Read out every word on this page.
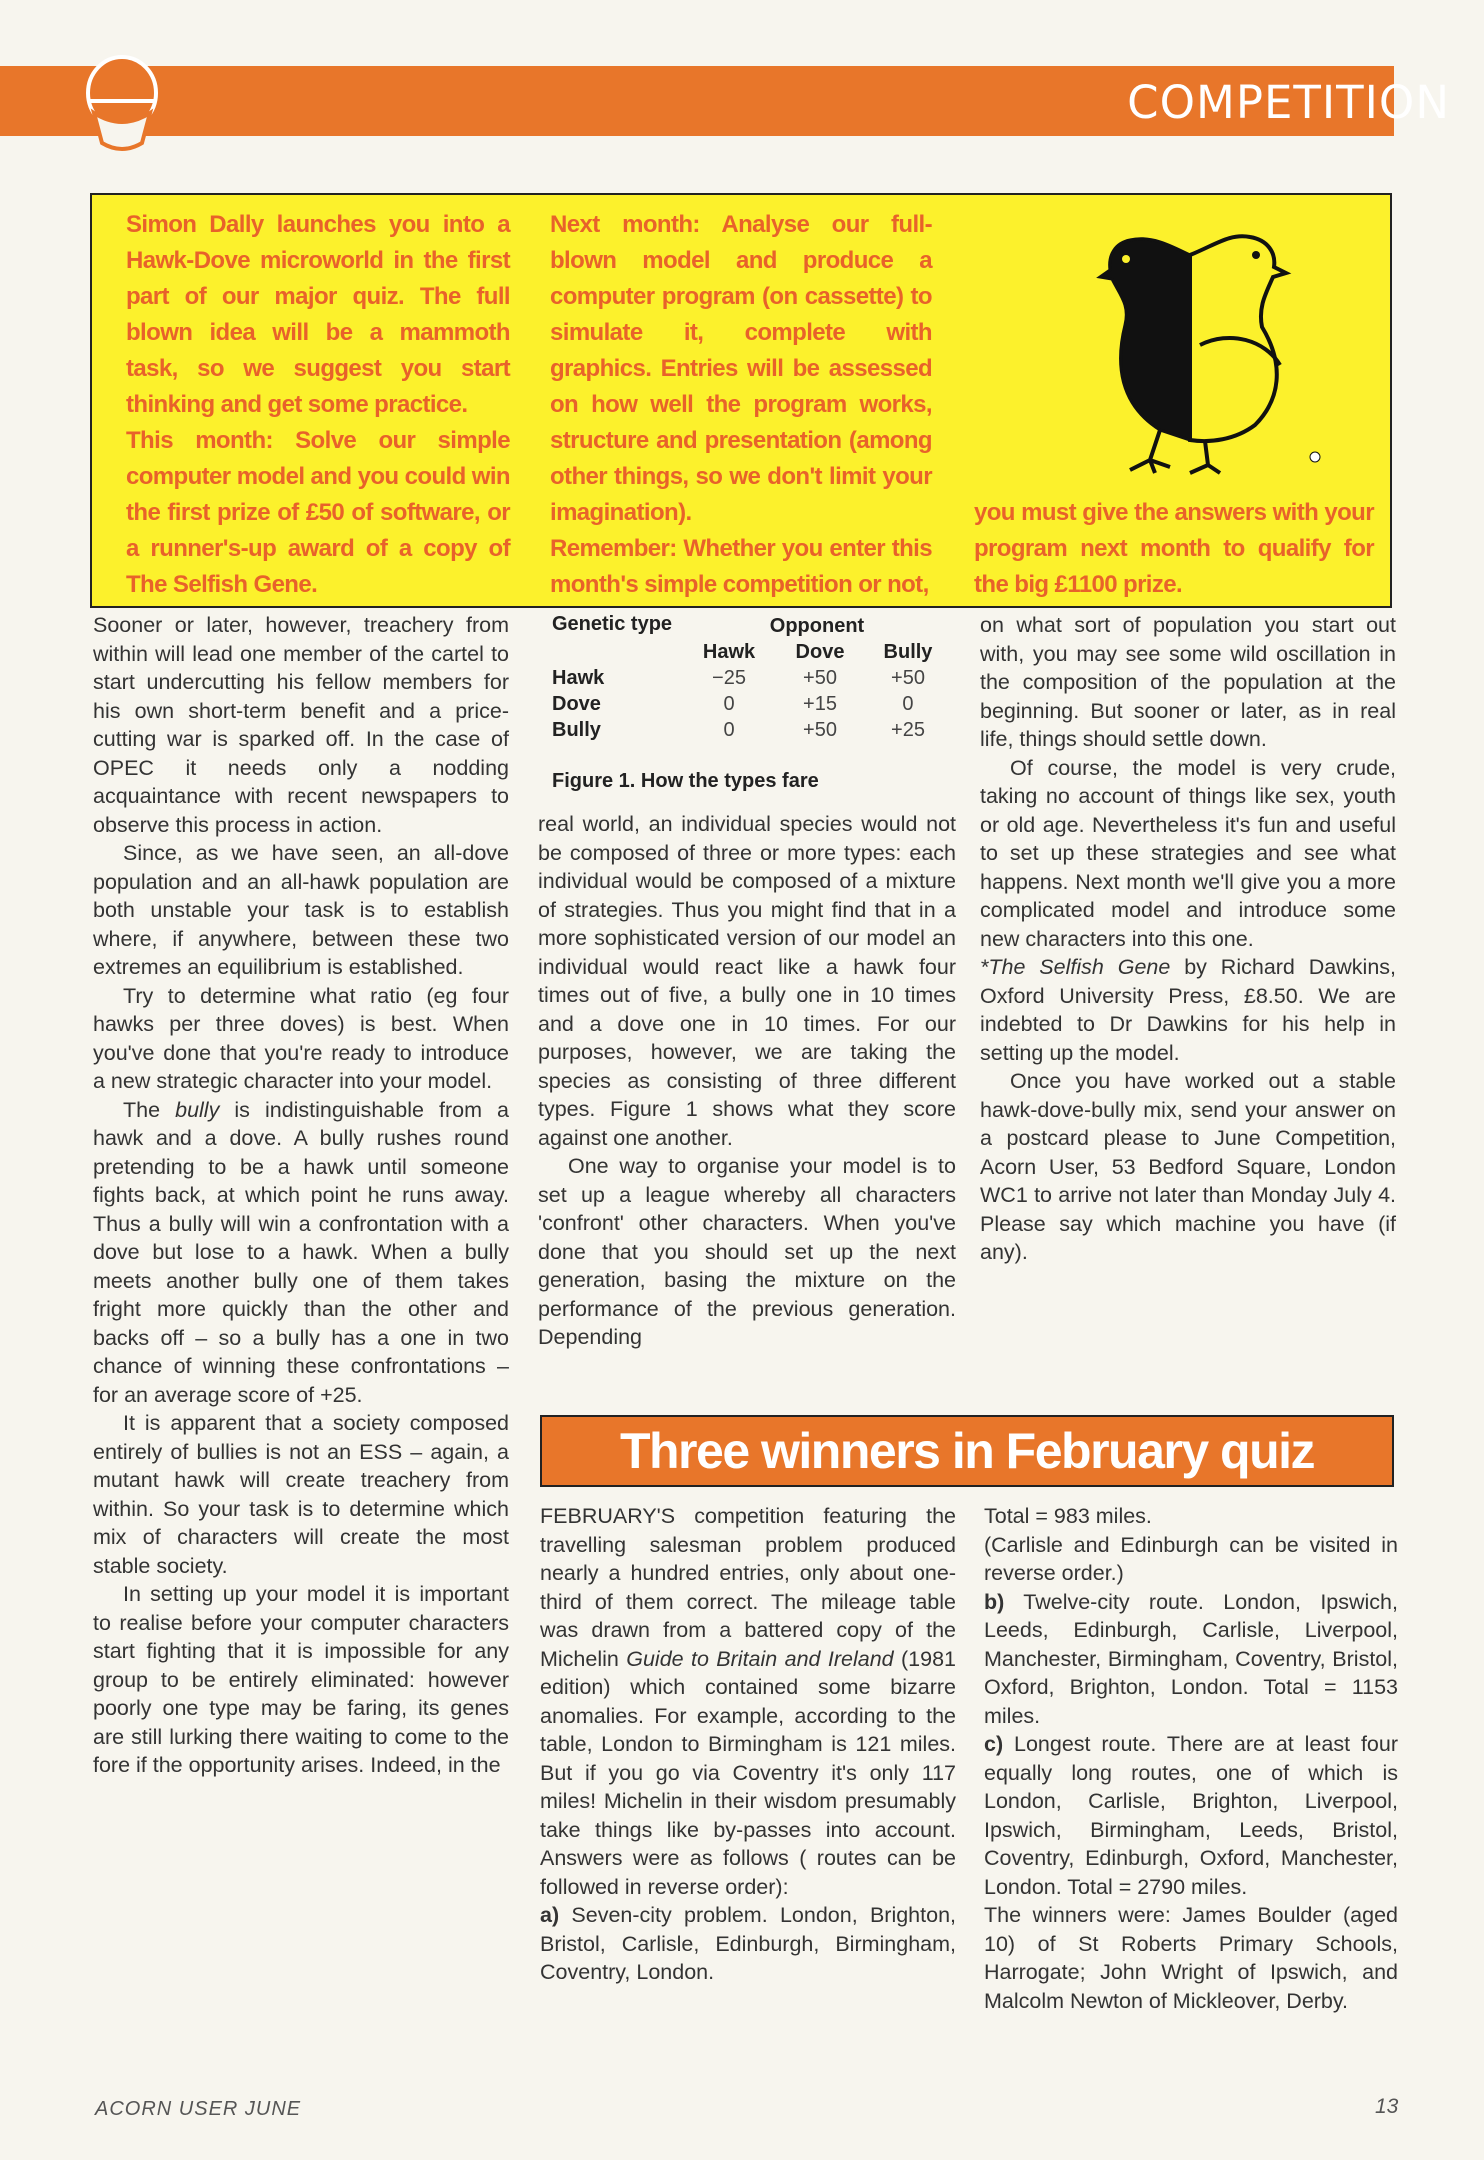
COMPETITION

Simon Dally launches you into a Hawk-Dove microworld in the first part of our major quiz. The full blown idea will be a mammoth task, so we suggest you start thinking and get some practice.

This month: Solve our simple computer model and you could win the first prize of £50 of software, or a runner's-up award of a copy of The Selfish Gene.

Next month: Analyse our full-blown model and produce a computer program (on cassette) to simulate it, complete with graphics. Entries will be assessed on how well the program works, structure and presentation (among other things, so we don't limit your imagination).

Remember: Whether you enter this month's simple competition or not,

you must give the answers with your program next month to qualify for the big £1100 prize.

Sooner or later, however, treachery from within will lead one member of the cartel to start undercutting his fellow members for his own short-term benefit and a price-cutting war is sparked off. In the case of OPEC it needs only a nodding acquaintance with recent newspapers to observe this process in action.

Since, as we have seen, an all-dove population and an all-hawk population are both unstable your task is to establish where, if anywhere, between these two extremes an equilibrium is established.

Try to determine what ratio (eg four hawks per three doves) is best. When you've done that you're ready to introduce a new strategic character into your model.

The bully is indistinguishable from a hawk and a dove. A bully rushes round pretending to be a hawk until someone fights back, at which point he runs away. Thus a bully will win a confrontation with a dove but lose to a hawk. When a bully meets another bully one of them takes fright more quickly than the other and backs off – so a bully has a one in two chance of winning these confrontations – for an average score of +25.

It is apparent that a society composed entirely of bullies is not an ESS – again, a mutant hawk will create treachery from within. So your task is to determine which mix of characters will create the most stable society.

In setting up your model it is important to realise before your computer characters start fighting that it is impossible for any group to be entirely eliminated: however poorly one type may be faring, its genes are still lurking there waiting to come to the fore if the opportunity arises. Indeed, in the

Genetic type	Opponent		
	Hawk	Dove	Bully
Hawk	−25	+50	+50
Dove	0	+15	0
Bully	0	+50	+25
Figure 1. How the types fare

real world, an individual species would not be composed of three or more types: each individual would be composed of a mixture of strategies. Thus you might find that in a more sophisticated version of our model an individual would react like a hawk four times out of five, a bully one in 10 times and a dove one in 10 times. For our purposes, however, we are taking the species as consisting of three different types. Figure 1 shows what they score against one another.

One way to organise your model is to set up a league whereby all characters 'confront' other characters. When you've done that you should set up the next generation, basing the mixture on the performance of the previous generation. Depending

on what sort of population you start out with, you may see some wild oscillation in the composition of the population at the beginning. But sooner or later, as in real life, things should settle down.

Of course, the model is very crude, taking no account of things like sex, youth or old age. Nevertheless it's fun and useful to set up these strategies and see what happens. Next month we'll give you a more complicated model and introduce some new characters into this one.

*The Selfish Gene by Richard Dawkins, Oxford University Press, £8.50. We are indebted to Dr Dawkins for his help in setting up the model.

Once you have worked out a stable hawk-dove-bully mix, send your answer on a postcard please to June Competition, Acorn User, 53 Bedford Square, London WC1 to arrive not later than Monday July 4. Please say which machine you have (if any).

Three winners in February quiz

FEBRUARY'S competition featuring the travelling salesman problem produced nearly a hundred entries, only about one-third of them correct. The mileage table was drawn from a battered copy of the Michelin Guide to Britain and Ireland (1981 edition) which contained some bizarre anomalies. For example, according to the table, London to Birmingham is 121 miles. But if you go via Coventry it's only 117 miles! Michelin in their wisdom presumably take things like by-passes into account. Answers were as follows ( routes can be followed in reverse order):

a) Seven-city problem. London, Brighton, Bristol, Carlisle, Edinburgh, Birmingham, Coventry, London.

Total = 983 miles.

(Carlisle and Edinburgh can be visited in reverse order.)

b) Twelve-city route. London, Ipswich, Leeds, Edinburgh, Carlisle, Liverpool, Manchester, Birmingham, Coventry, Bristol, Oxford, Brighton, London. Total = 1153 miles.

c) Longest route. There are at least four equally long routes, one of which is London, Carlisle, Brighton, Liverpool, Ipswich, Birmingham, Leeds, Bristol, Coventry, Edinburgh, Oxford, Manchester, London. Total = 2790 miles.

The winners were: James Boulder (aged 10) of St Roberts Primary Schools, Harrogate; John Wright of Ipswich, and Malcolm Newton of Mickleover, Derby.

ACORN USER JUNE	13
